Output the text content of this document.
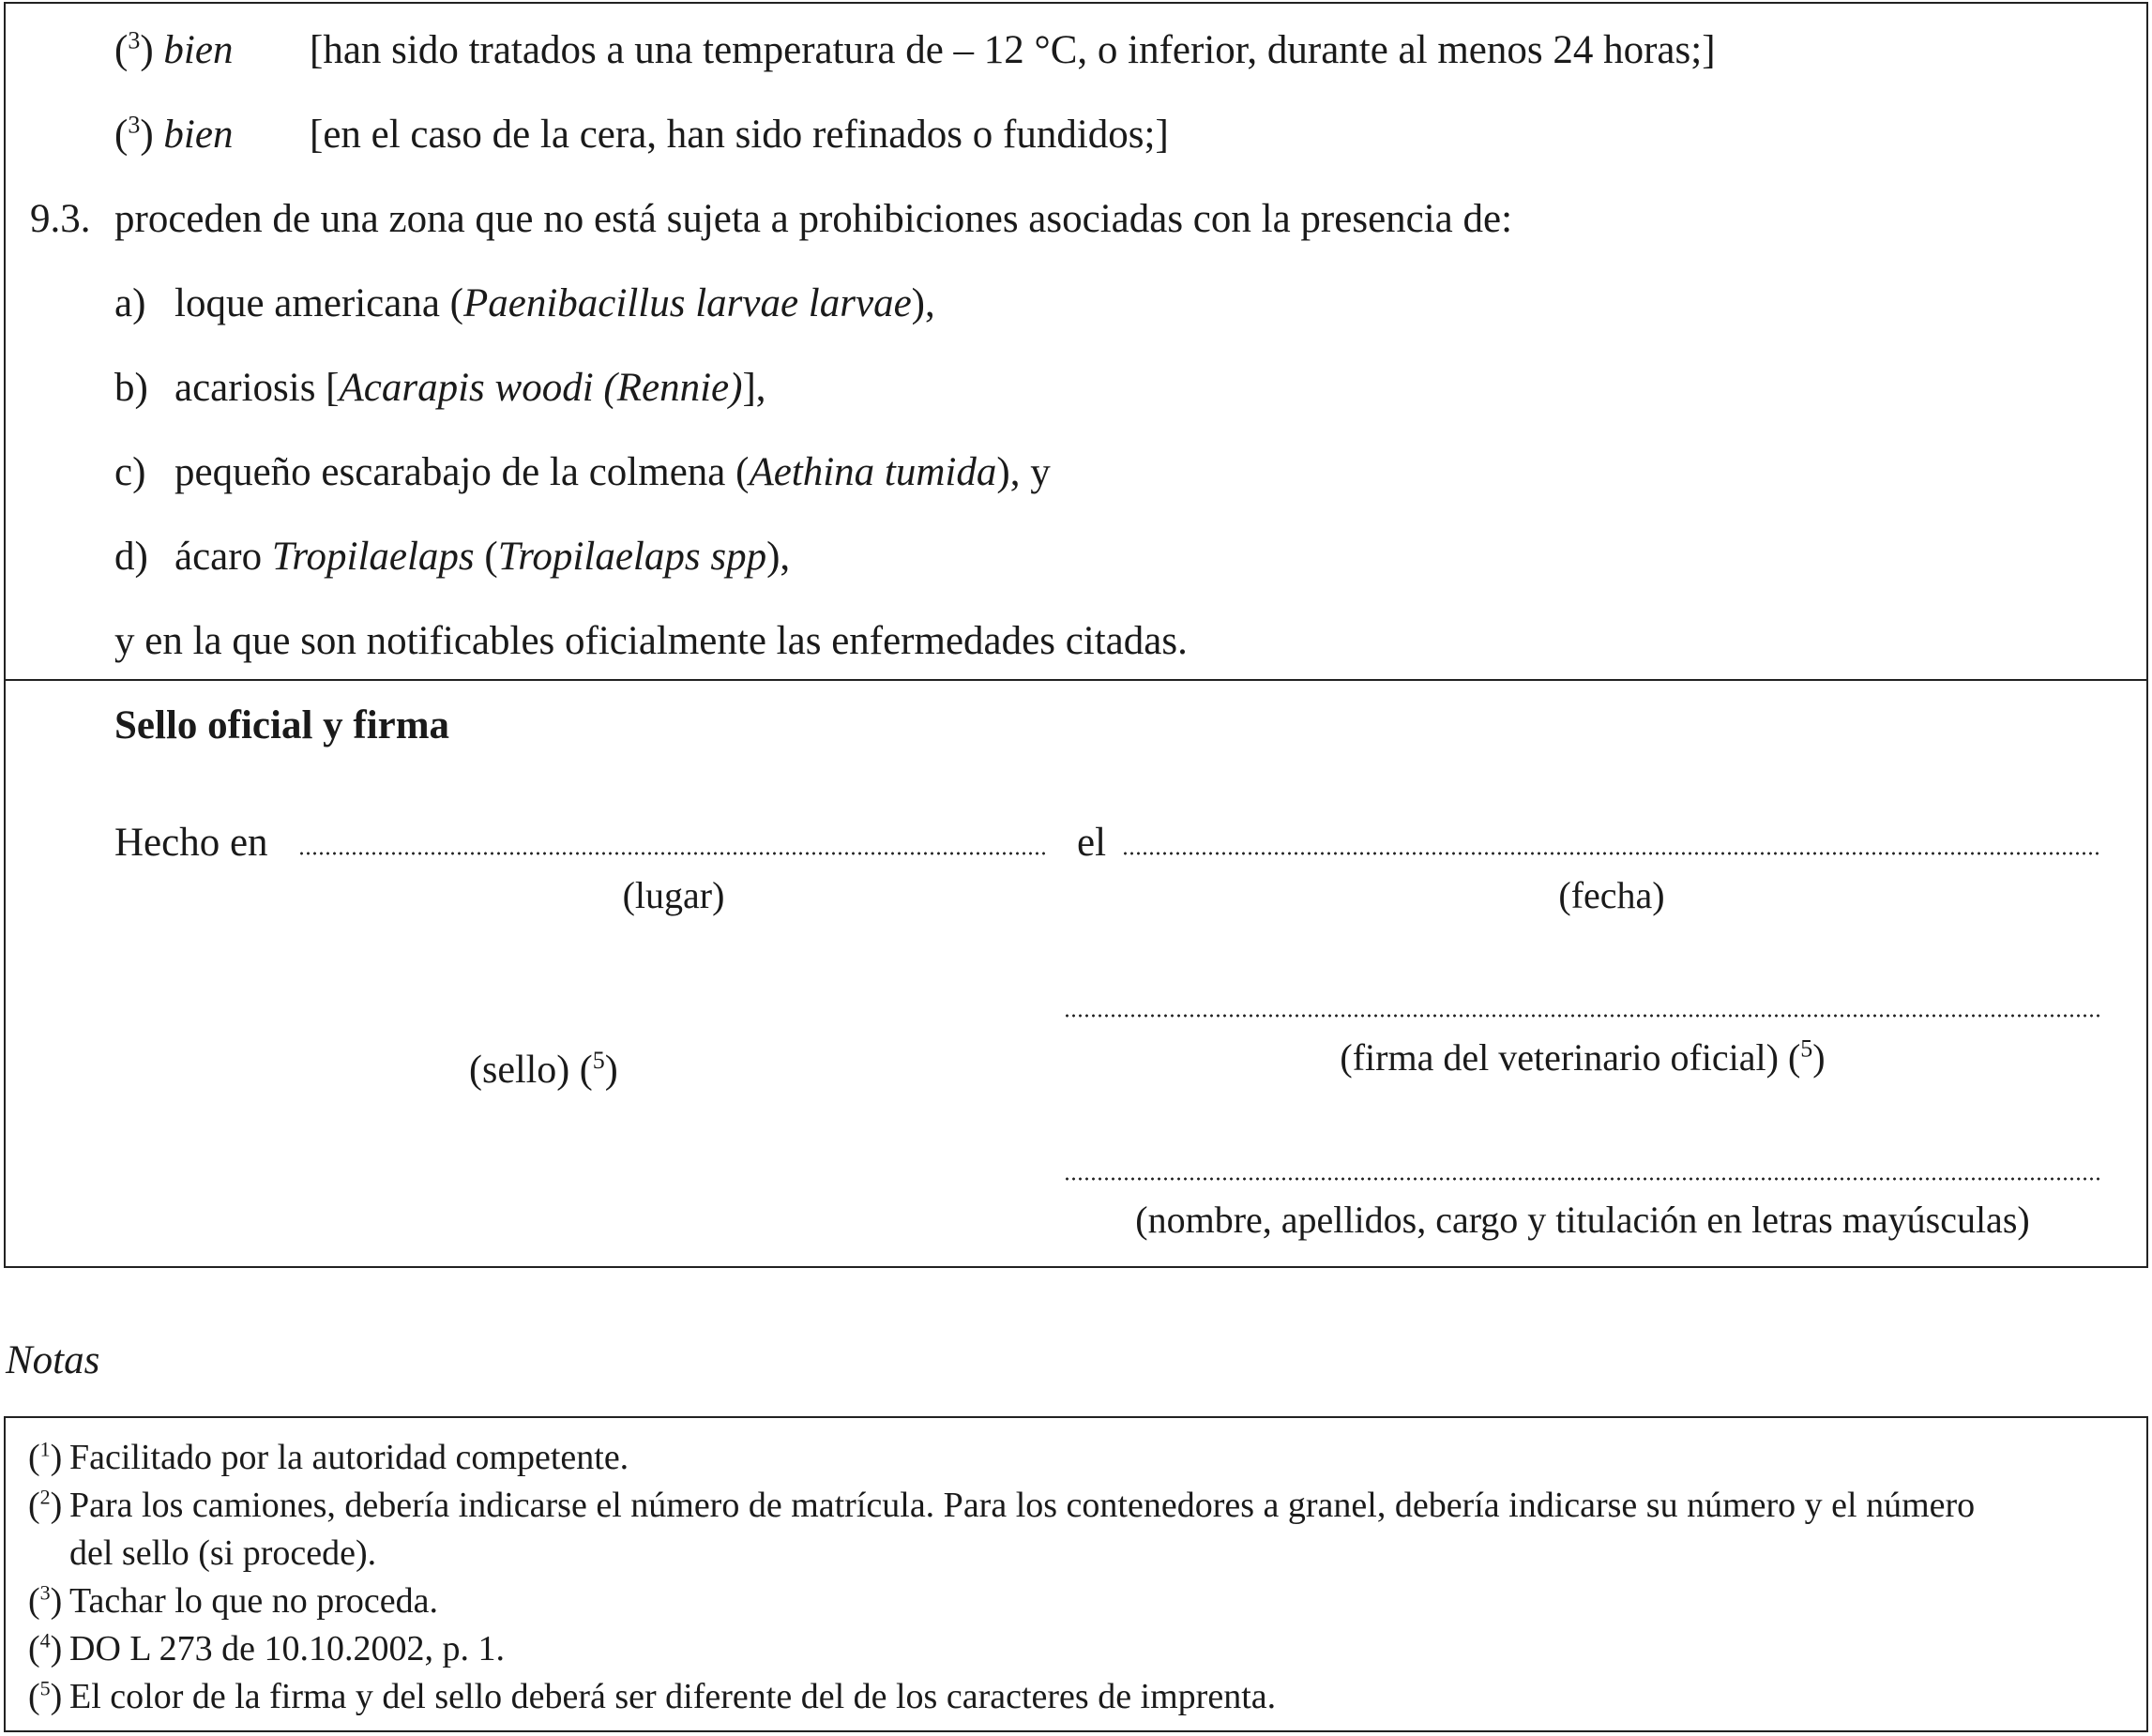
($^3$) bien [han sido tratados a una temperatura de – 12 °C, o inferior, durante al menos 24 horas;]
($^3$) bien [en el caso de la cera, han sido refinados o fundidos;]
9.3. proceden de una zona que no está sujeta a prohibiciones asociadas con la presencia de:
a) loque americana (Paenibacillus larvae larvae),
b) acariosis [Acarapis woodi (Rennie)],
c) pequeño escarabajo de la colmena (Aethina tumida), y
d) ácaro Tropilaelaps (Tropilaelaps spp),
y en la que son notificables oficialmente las enfermedades citadas.
Sello oficial y firma
Hecho en	el
(lugar)	(fecha)
(firma del veterinario oficial) ($^5$)
(sello) ($^5$)
(nombre, apellidos, cargo y titulación en letras mayúsculas)
Notas
($^1$) Facilitado por la autoridad competente.
($^2$) Para los camiones, debería indicarse el número de matrícula. Para los contenedores a granel, debería indicarse su número y el número
del sello (si procede).
($^3$) Tachar lo que no proceda.
($^4$) DO L 273 de 10.10.2002, p. 1.
($^5$) El color de la firma y del sello deberá ser diferente del de los caracteres de imprenta.
